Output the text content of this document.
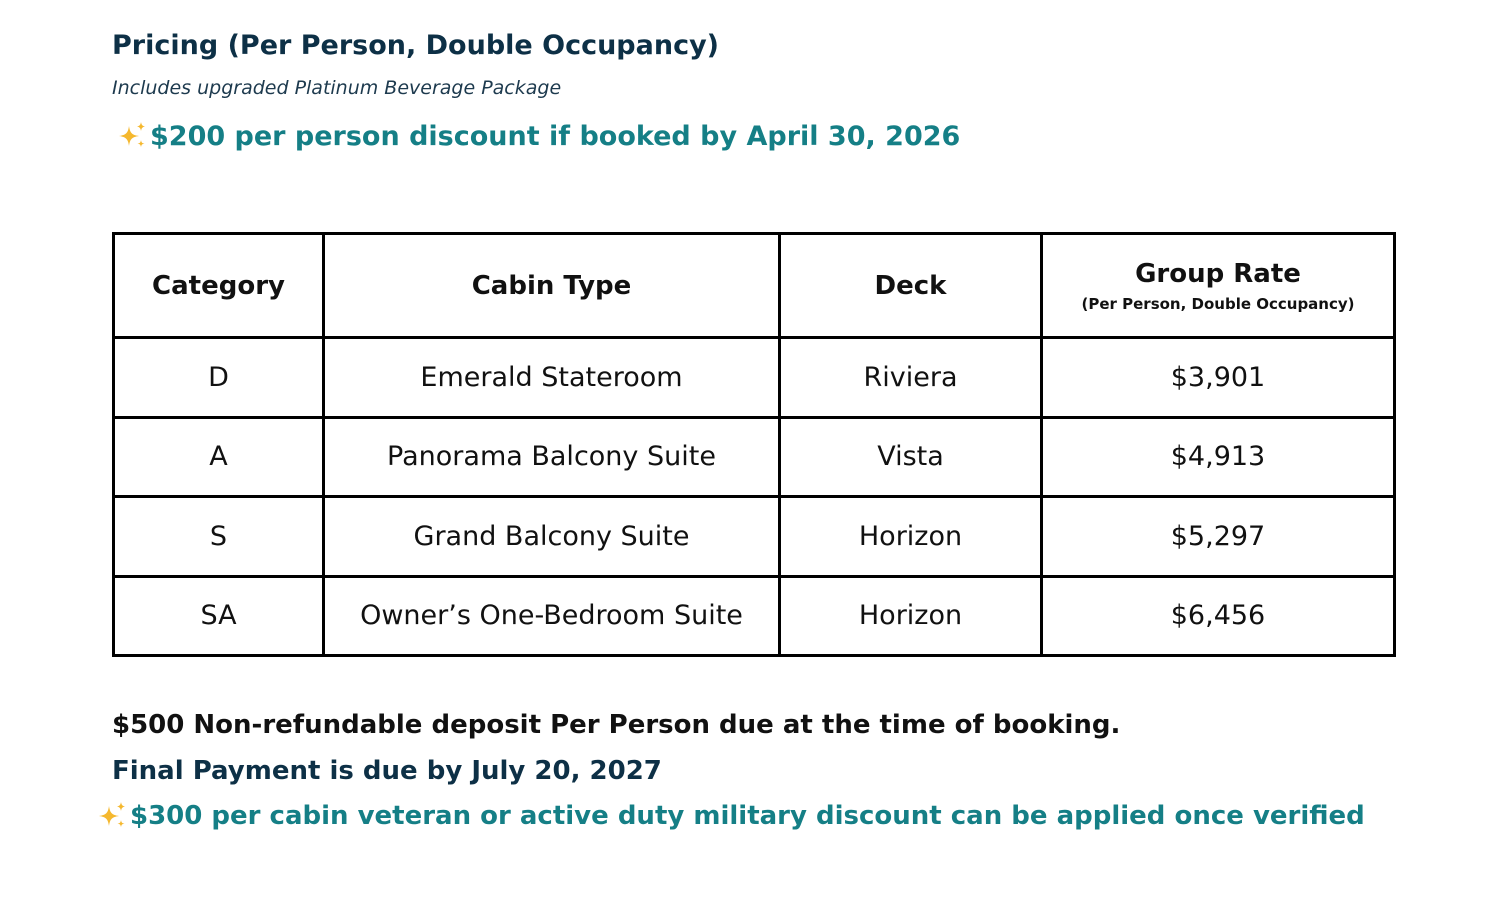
Pricing (Per Person, Double Occupancy)
Includes upgraded Platinum Beverage Package
$200 per person discount if booked by April 30, 2026
Category	Cabin Type	Deck	Group Rate
(Per Person, Double Occupancy)

D	Emerald Stateroom	Riviera	$3,901
A	Panorama Balcony Suite	Vista	$4,913
S	Grand Balcony Suite	Horizon	$5,297
SA	Owner’s One-Bedroom Suite	Horizon	$6,456
$500 Non-refundable deposit Per Person due at the time of booking.
Final Payment is due by July 20, 2027
$300 per cabin veteran or active duty military discount can be applied once verified
